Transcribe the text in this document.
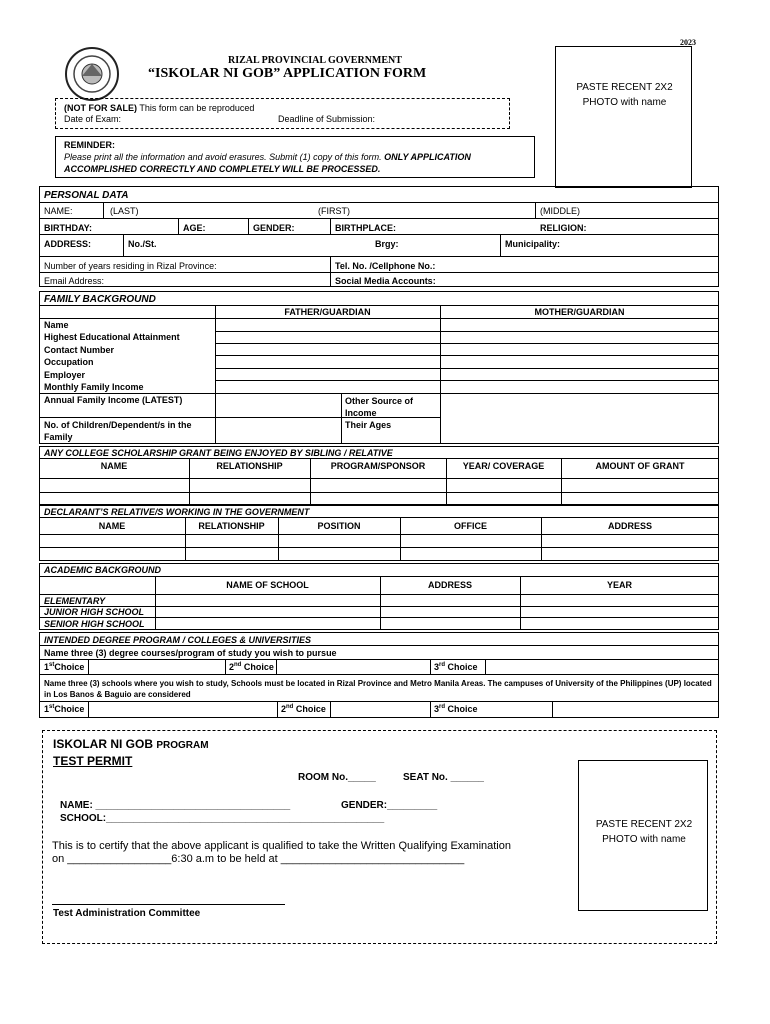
2023
RIZAL PROVINCIAL GOVERNMENT
“ISKOLAR NI GOB” APPLICATION FORM
PASTE RECENT 2X2 PHOTO with name
(NOT FOR SALE) This form can be reproduced
Date of Exam:	Deadline of Submission:
REMINDER:
Please print all the information and avoid erasures. Submit (1) copy of this form. ONLY APPLICATION ACCOMPLISHED CORRECTLY AND COMPLETELY WILL BE PROCESSED.
PERSONAL DATA
NAME:	(LAST)	(FIRST)	(MIDDLE)
BIRTHDAY:	AGE:	GENDER:	BIRTHPLACE:	RELIGION:
ADDRESS:	No./St.	Brgy:	Municipality:
Number of years residing in Rizal Province:	Tel. No. /Cellphone No.:
Email Address:	Social Media Accounts:
FAMILY BACKGROUND
FATHER/GUARDIAN	MOTHER/GUARDIAN
Name
Highest Educational Attainment
Contact Number
Occupation
Employer
Monthly Family Income
Annual Family Income (LATEST)	Other Source of Income
No. of Children/Dependent/s in the Family
Their Ages
ANY COLLEGE SCHOLARSHIP GRANT BEING ENJOYED BY SIBLING / RELATIVE
NAME	RELATIONSHIP	PROGRAM/SPONSOR	YEAR/ COVERAGE	AMOUNT OF GRANT
DECLARANT’S RELATIVE/S WORKING IN THE GOVERNMENT
NAME	RELATIONSHIP	POSITION	OFFICE	ADDRESS
ACADEMIC BACKGROUND
NAME OF SCHOOL	ADDRESS	YEAR
ELEMENTARY
JUNIOR HIGH SCHOOL
SENIOR HIGH SCHOOL
INTENDED DEGREE PROGRAM / COLLEGES & UNIVERSITIES
Name three (3) degree courses/program of study you wish to pursue
1stChoice	2nd Choice	3rd Choice
Name three (3) schools where you wish to study, Schools must be located in Rizal Province and Metro Manila Areas. The campuses of University of the Philippines (UP) located in Los Banos & Baguio are considered
1stChoice	2nd Choice	3rd Choice
ISKOLAR NI GOB PROGRAM
TEST PERMIT
ROOM No._____	SEAT No. ______
NAME: ___________________________________	GENDER:_________
SCHOOL:__________________________________________________
This is to certify that the above applicant is qualified to take the Written Qualifying Examination
on _________________6:30 a.m to be held at ______________________________
Test Administration Committee
PASTE RECENT 2X2 PHOTO with name
